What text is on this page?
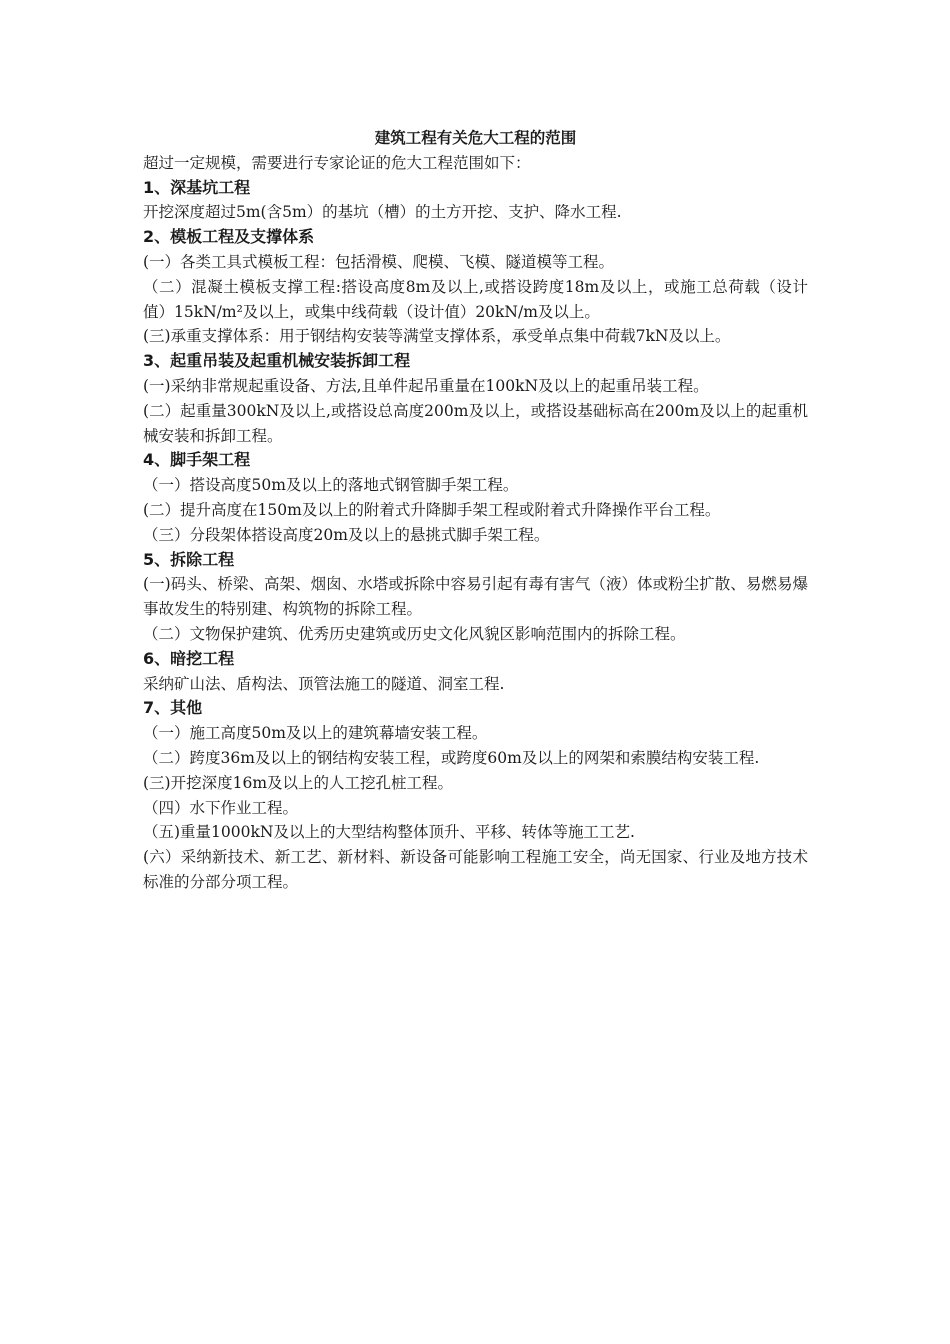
建筑工程有关危大工程的范围

超过一定规模，需要进行专家论证的危大工程范围如下：

1、深基坑工程

开挖深度超过5m(含5m）的基坑（槽）的土方开挖、支护、降水工程.

2、模板工程及支撑体系

(一）各类工具式模板工程：包括滑模、爬模、飞模、隧道模等工程。

（二）混凝土模板支撑工程:搭设高度8m及以上,或搭设跨度18m及以上，或施工总荷载（设计值）15kN/m²及以上，或集中线荷载（设计值）20kN/m及以上。

(三)承重支撑体系：用于钢结构安装等满堂支撑体系，承受单点集中荷载7kN及以上。

3、起重吊装及起重机械安装拆卸工程

(一)采纳非常规起重设备、方法,且单件起吊重量在100kN及以上的起重吊装工程。

(二）起重量300kN及以上,或搭设总高度200m及以上，或搭设基础标高在200m及以上的起重机械安装和拆卸工程。

4、脚手架工程

（一）搭设高度50m及以上的落地式钢管脚手架工程。

(二）提升高度在150m及以上的附着式升降脚手架工程或附着式升降操作平台工程。

（三）分段架体搭设高度20m及以上的悬挑式脚手架工程。

5、拆除工程

(一)码头、桥梁、高架、烟囱、水塔或拆除中容易引起有毒有害气（液）体或粉尘扩散、易燃易爆事故发生的特别建、构筑物的拆除工程。

（二）文物保护建筑、优秀历史建筑或历史文化风貌区影响范围内的拆除工程。

6、暗挖工程

采纳矿山法、盾构法、顶管法施工的隧道、洞室工程.

7、其他

（一）施工高度50m及以上的建筑幕墙安装工程。

（二）跨度36m及以上的钢结构安装工程，或跨度60m及以上的网架和索膜结构安装工程.

(三)开挖深度16m及以上的人工挖孔桩工程。

（四）水下作业工程。

（五)重量1000kN及以上的大型结构整体顶升、平移、转体等施工工艺.

(六）采纳新技术、新工艺、新材料、新设备可能影响工程施工安全，尚无国家、行业及地方技术标准的分部分项工程。
